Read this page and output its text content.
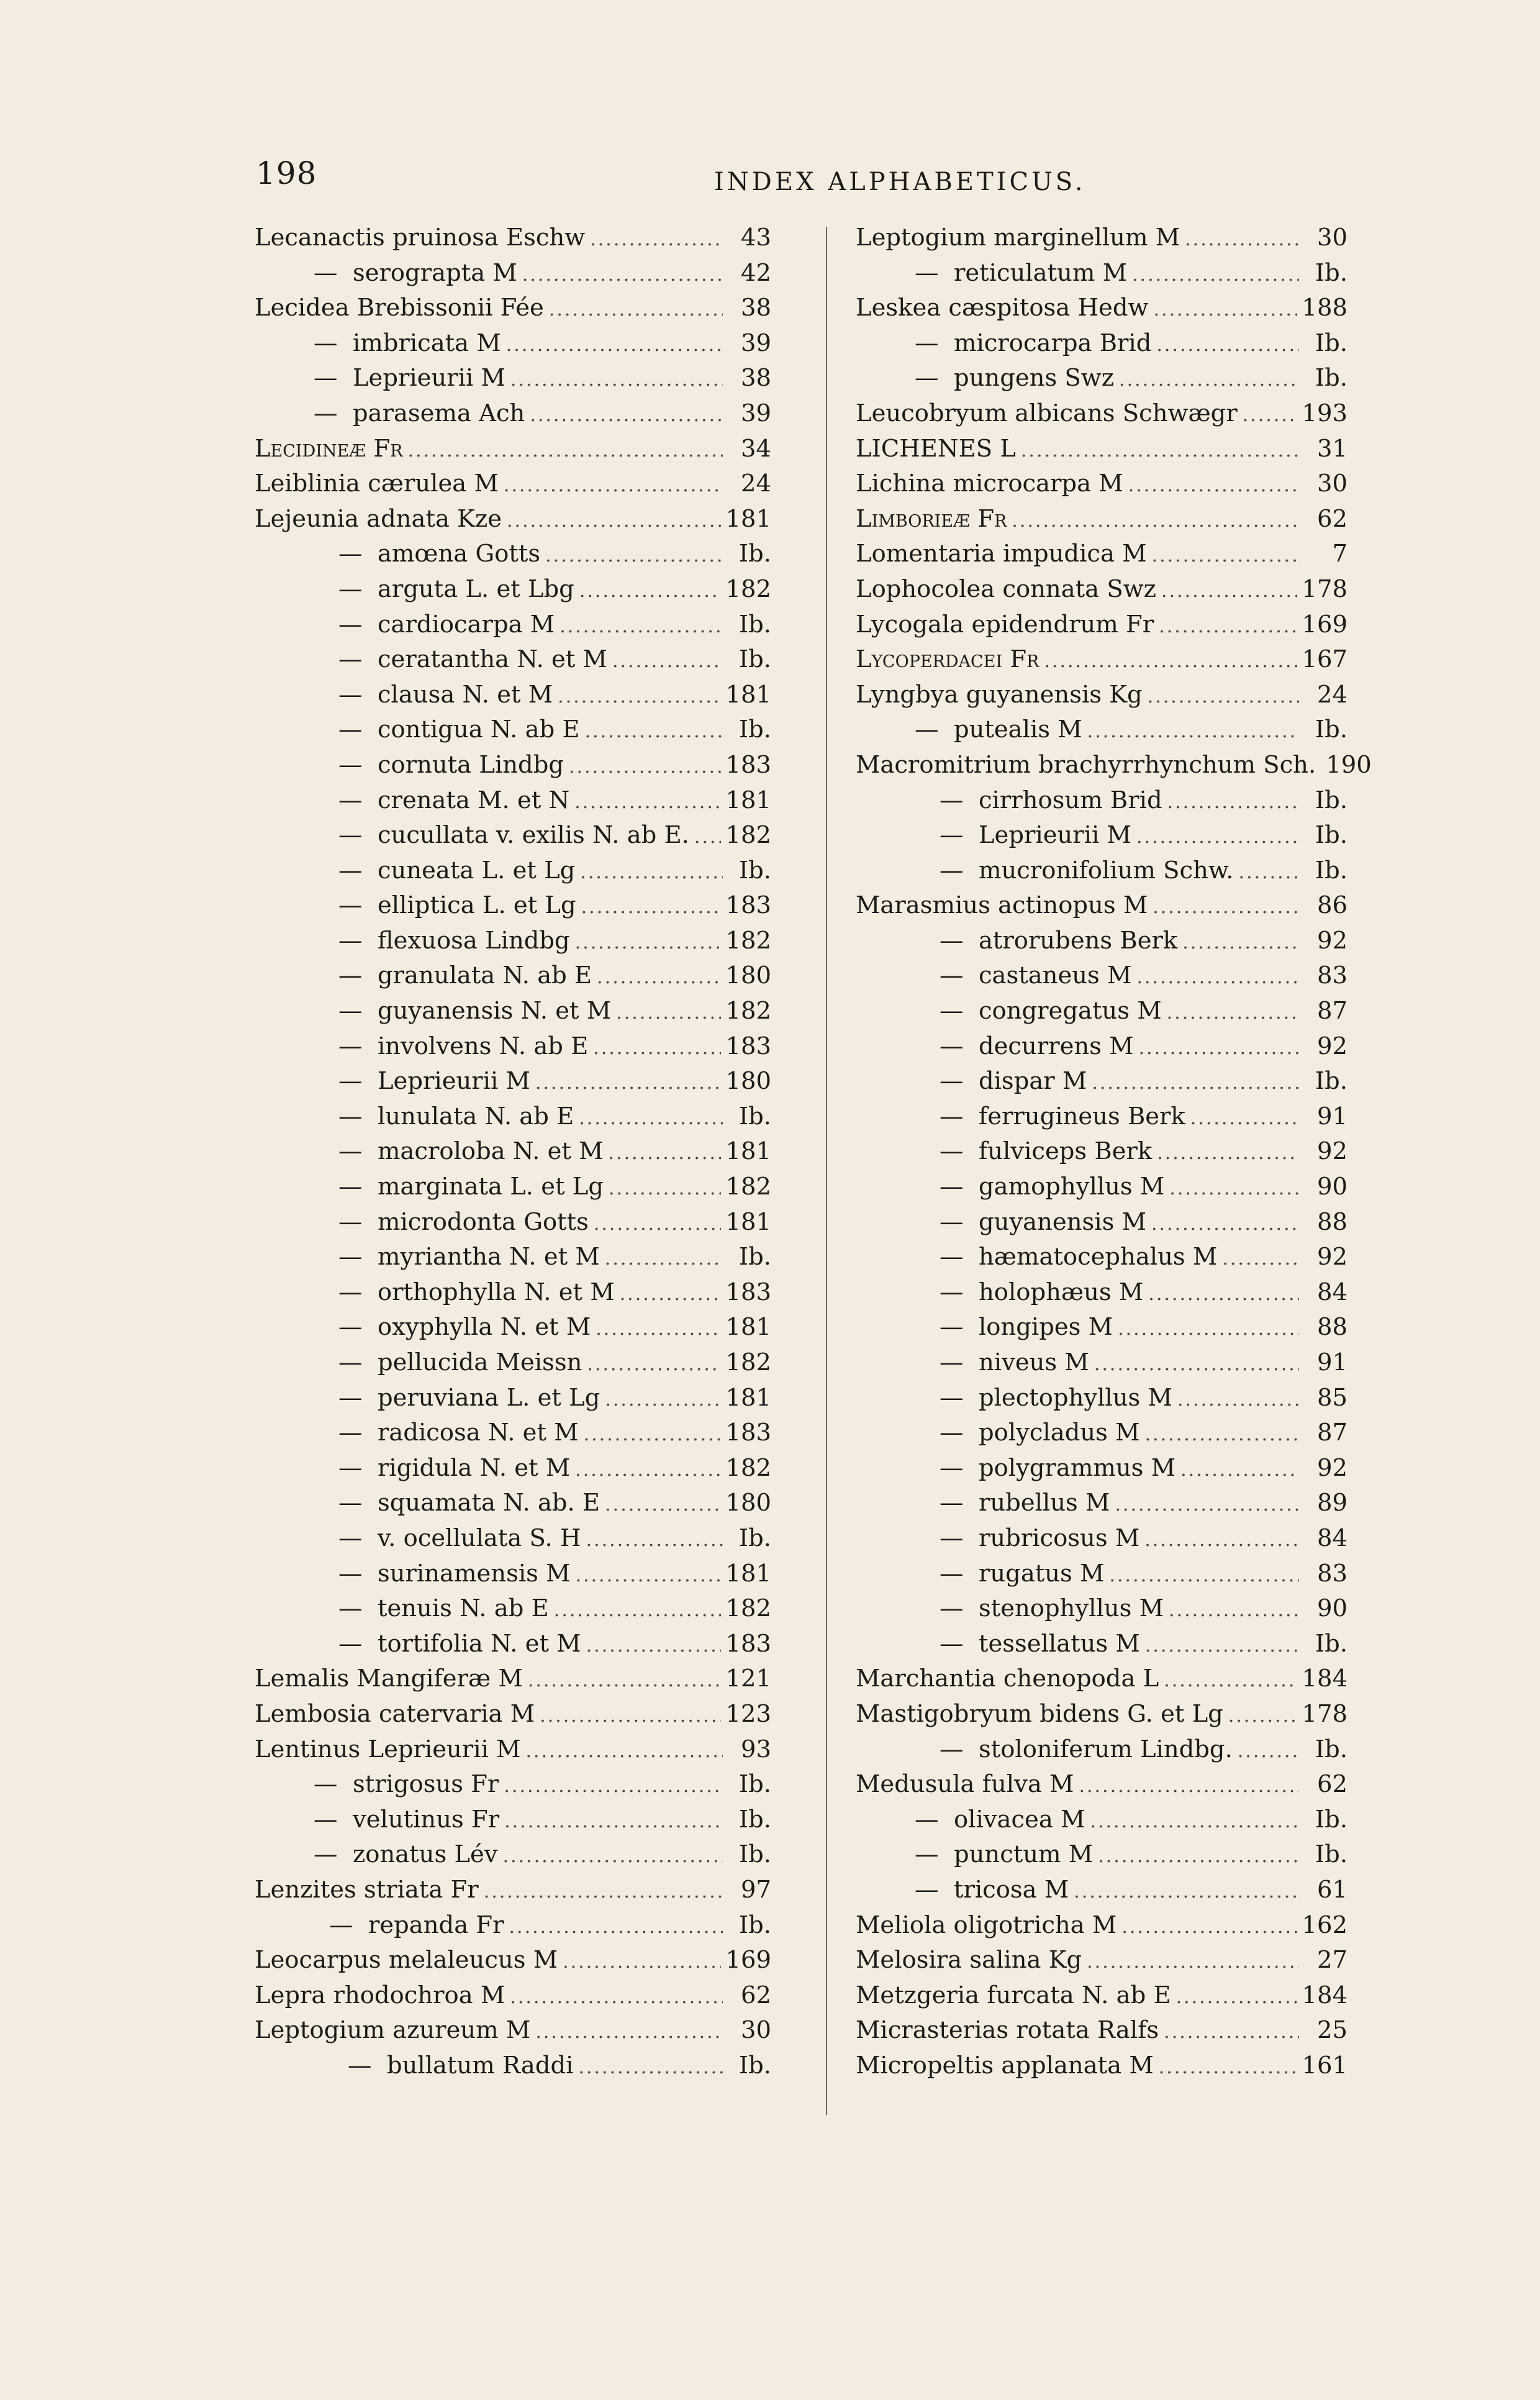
198	INDEX ALPHABETICUS.
Lecanactis pruinosa Eschw .....	43
—  serograpta M .....	42
Lecidea Brebissonii Fée .....	38
—  imbricata M .....	39
—  Leprieurii M .....	38
—  parasema Ach .....	39
Lecidineæ Fr .....	34
Leiblinia cærulea M .....	24
Lejeunia adnata Kze .....	181
—  amœna Gotts .....	Ib.
—  arguta L. et Lbg .....	182
—  cardiocarpa M .....	Ib.
—  ceratantha N. et M .....	Ib.
—  clausa N. et M .....	181
—  contigua N. ab E .....	Ib.
—  cornuta Lindbg .....	183
—  crenata M. et N .....	181
—  cucullata v. exilis N. ab E. ..... 182
—  cuneata L. et Lg .....	Ib.
—  elliptica L. et Lg .....	183
—  flexuosa Lindbg .....	182
—  granulata N. ab E .....	180
—  guyanensis N. et M .....	182
—  involvens N. ab E .....	183
—  Leprieurii M .....	180
—  lunulata N. ab E .....	Ib.
—  macroloba N. et M .....	181
—  marginata L. et Lg .....	182
—  microdonta Gotts .....	181
—  myriantha N. et M .....	Ib.
—  orthophylla N. et M .....	183
—  oxyphylla N. et M .....	181
—  pellucida Meissn .....	182
—  peruviana L. et Lg .....	181
—  radicosa N. et M .....	183
—  rigidula N. et M .....	182
—  squamata N. ab. E .....	180
—  v. ocellulata S. H .....	Ib.
—  surinamensis M .....	181
—  tenuis N. ab E .....	182
—  tortifolia N. et M .....	183
Lemalis Mangiferæ M .....	121
Lembosia catervaria M .....	123
Lentinus Leprieurii M .....	93
—  strigosus Fr .....	Ib.
—  velutinus Fr .....	Ib.
—  zonatus Lév .....	Ib.
Lenzites striata Fr .....	97
—  repanda Fr .....	Ib.
Leocarpus melaleucus M .....	169
Lepra rhodochroa M .....	62
Leptogium azureum M .....	30
—  bullatum Raddi .....	Ib.
Leptogium marginellum M .....	30
—  reticulatum M .....	Ib.
Leskea cæspitosa Hedw .....	188
—  microcarpa Brid .....	Ib.
—  pungens Swz .....	Ib.
Leucobryum albicans Schwægr .....	193
LICHENES L .....	31
Lichina microcarpa M .....	30
Limborieæ Fr .....	62
Lomentaria impudica M .....	7
Lophocolea connata Swz .....	178
Lycogala epidendrum Fr .....	169
Lycoperdacei Fr .....	167
Lyngbya guyanensis Kg .....	24
—  putealis M .....	Ib.
Macromitrium brachyrrhynchum Sch. 190
—  cirrhosum Brid .....	Ib.
—  Leprieurii M .....	Ib.
—  mucronifolium Schw. .....	Ib.
Marasmius actinopus M .....	86
—  atrorubens Berk .....	92
—  castaneus M .....	83
—  congregatus M .....	87
—  decurrens M .....	92
—  dispar M .....	Ib.
—  ferrugineus Berk .....	91
—  fulviceps Berk .....	92
—  gamophyllus M .....	90
—  guyanensis M .....	88
—  hæmatocephalus M .....	92
—  holophæus M .....	84
—  longipes M .....	88
—  niveus M .....	91
—  plectophyllus M .....	85
—  polycladus M .....	87
—  polygrammus M .....	92
—  rubellus M .....	89
—  rubricosus M .....	84
—  rugatus M .....	83
—  stenophyllus M .....	90
—  tessellatus M .....	Ib.
Marchantia chenopoda L .....	184
Mastigobryum bidens G. et Lg .....	178
—  stoloniferum Lindbg. .....	Ib.
Medusula fulva M .....	62
—  olivacea M .....	Ib.
—  punctum M .....	Ib.
—  tricosa M .....	61
Meliola oligotricha M .....	162
Melosira salina Kg .....	27
Metzgeria furcata N. ab E .....	184
Micrasterias rotata Ralfs .....	25
Micropeltis applanata M .....	161
